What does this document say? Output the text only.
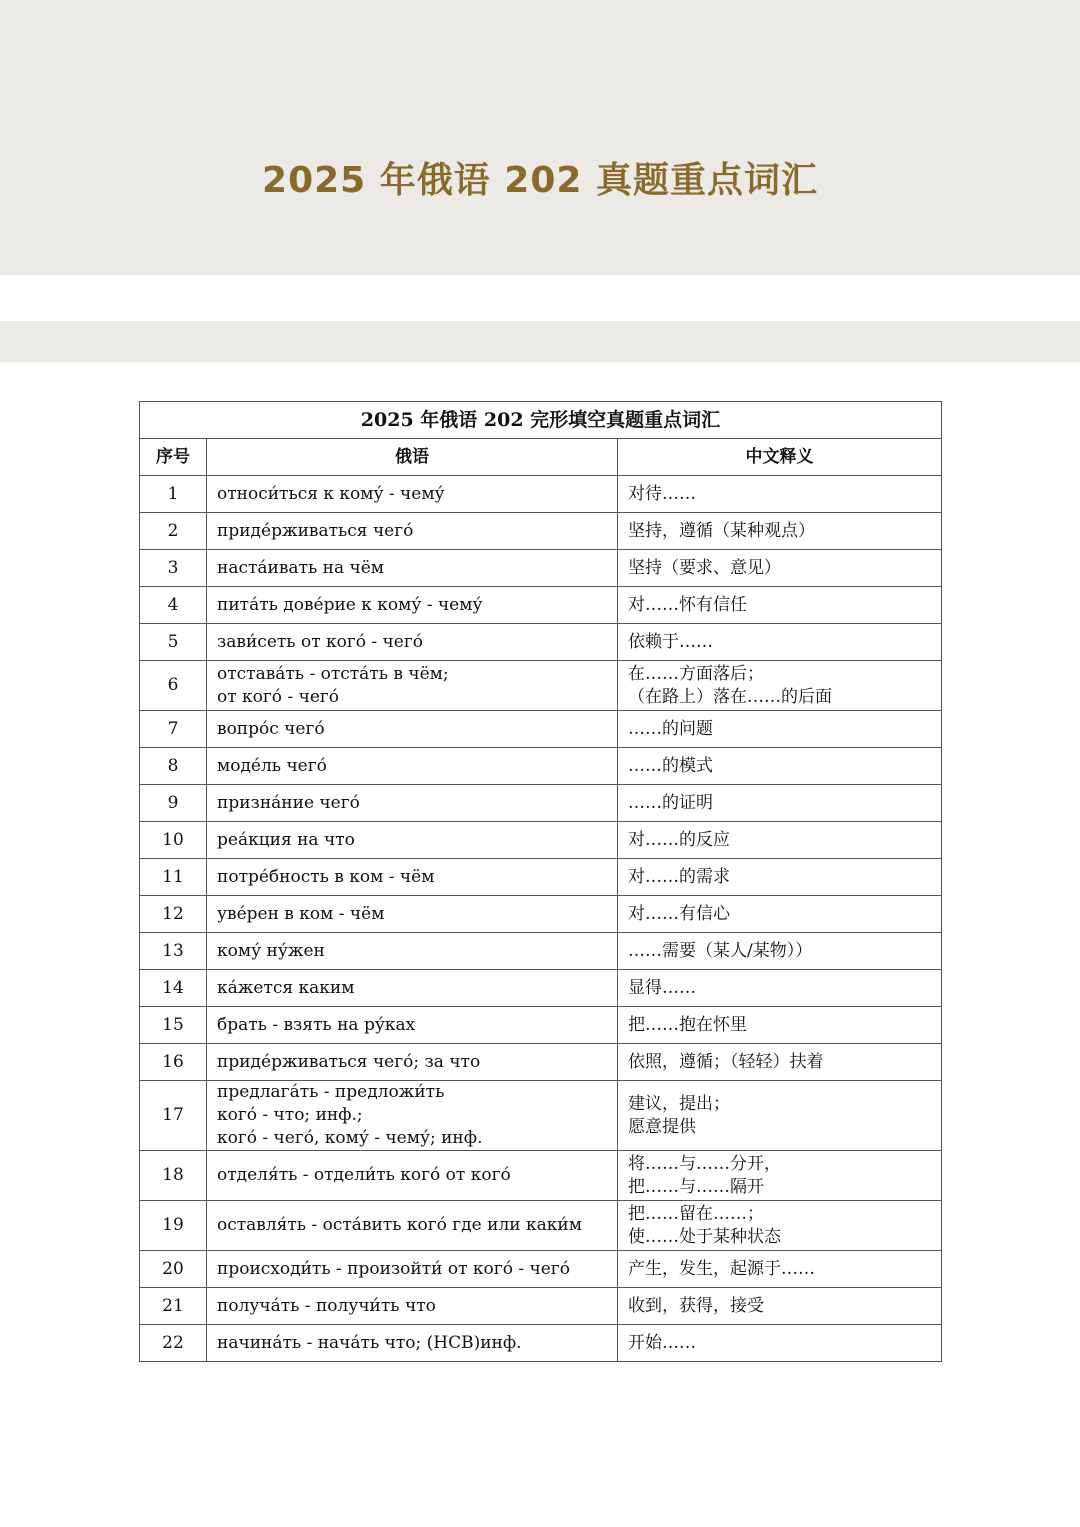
2025 年俄语 202 真题重点词汇
2025 年俄语 202 完形填空真题重点词汇		
序号	俄语	中文释义
1	относи́ться к кому́ - чему́	对待……
2	приде́рживаться чего́	坚持，遵循（某种观点）
3	наста́ивать на чём	坚持（要求、意见）
4	пита́ть дове́рие к кому́ - чему́	对……怀有信任
5	зави́сеть от кого́ - чего́	依赖于……
6	отстава́ть - отста́ть в чём;
от кого́ - чего́	在……方面落后；
（在路上）落在……的后面
7	вопро́с чего́	……的问题
8	моде́ль чего́	……的模式
9	призна́ние чего́	……的证明
10	реа́кция на что	对……的反应
11	потре́бность в ком - чём	对……的需求
12	уве́рен в ком - чём	对……有信心
13	кому́ ну́жен	……需要（某人/某物））
14	ка́жется каким	显得……
15	брать - взять на ру́ках	把……抱在怀里
16	приде́рживаться чего́; за что	依照，遵循；（轻轻）扶着
17	предлага́ть - предложи́ть
кого́ - что; инф.;
кого́ - чего́, кому́ - чему́; инф.	建议，提出；
愿意提供
18	отделя́ть - отдели́ть кого́ от кого́	将……与……分开，
把……与……隔开
19	оставля́ть - оста́вить кого́ где или каки́м	把……留在……；
使……处于某种状态
20	происходи́ть - произойти́ от кого́ - чего́	产生，发生，起源于……
21	получа́ть - получи́ть что	收到，获得，接受
22	начина́ть - нача́ть что; (НСВ)инф.	开始……
